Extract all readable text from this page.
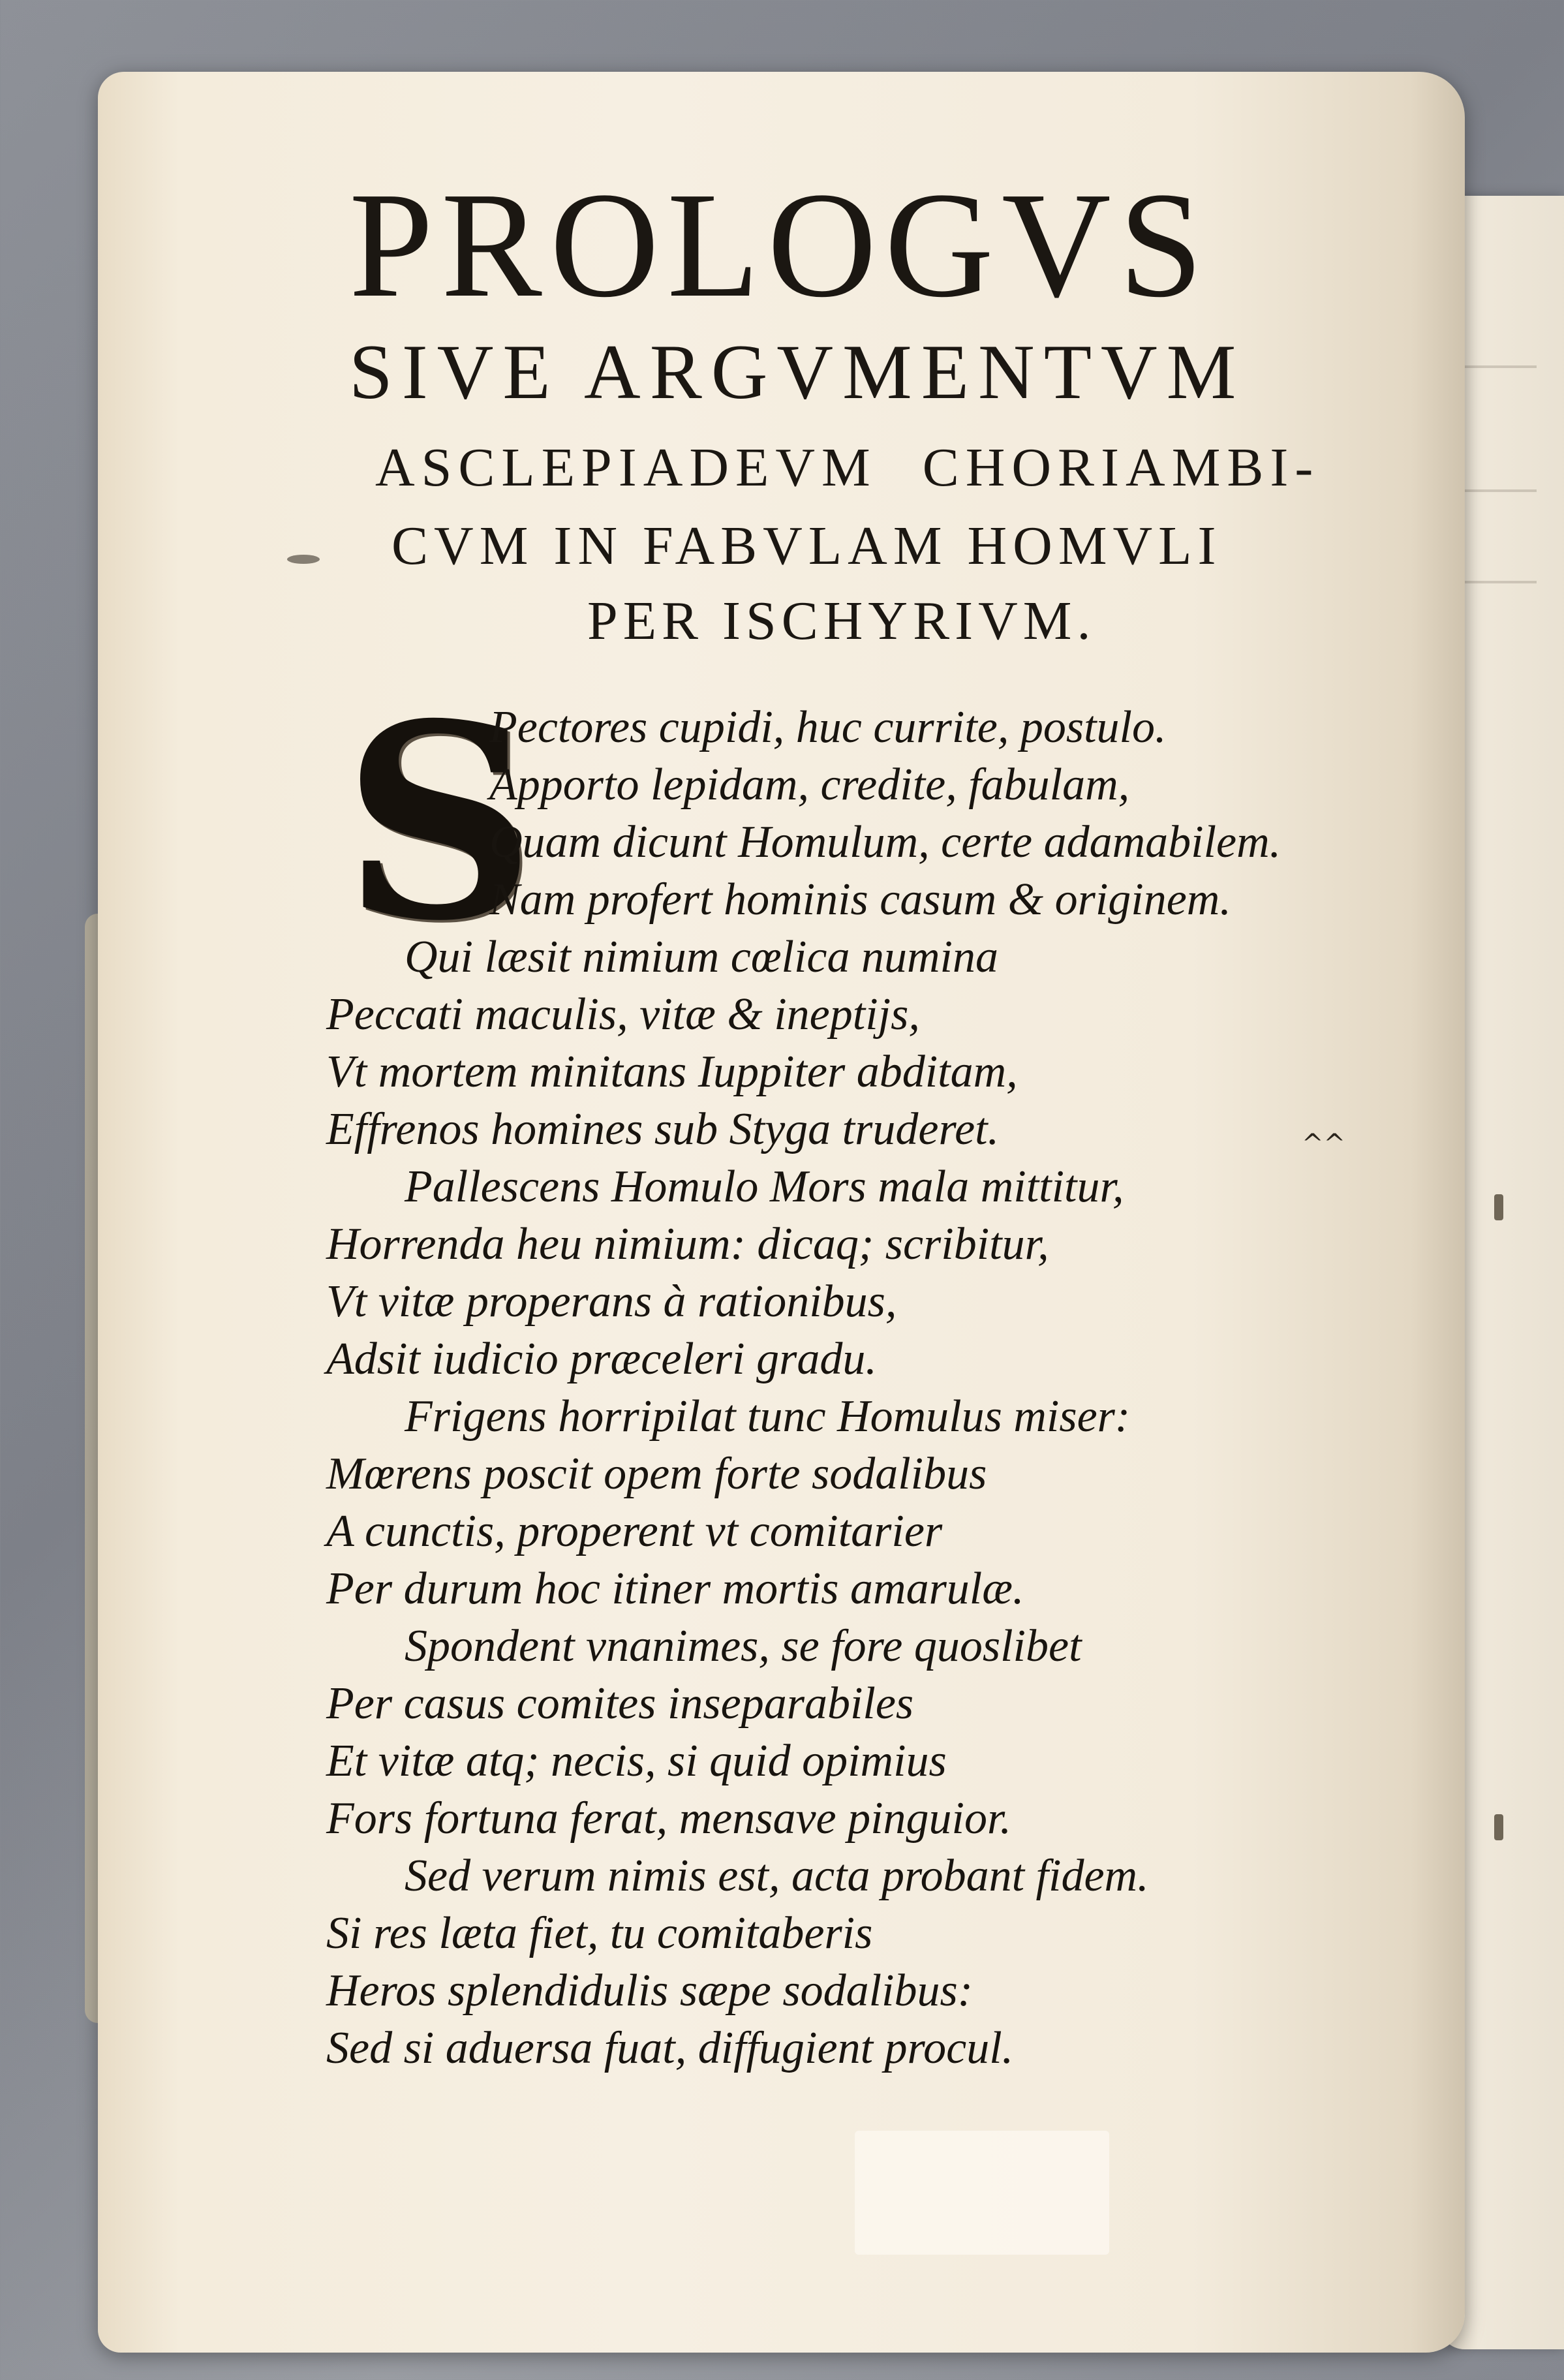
PROLOGVS
SIVE ARGVMENTVM
ASCLEPIADEVM CHORIAMBI-
CVM IN FABVLAM HOMVLI
PER ISCHYRIVM.
S
Pectores cupidi, huc currite, postulo.
Apporto lepidam, credite, fabulam,
Quam dicunt Homulum, certe adamabilem.
Nam profert hominis casum & originem.
Qui læsit nimium cœlica numina
Peccati maculis, vitæ & ineptijs,
Vt mortem minitans Iuppiter abditam,
Effrenos homines sub Styga truderet.
Pallescens Homulo Mors mala mittitur,
Horrenda heu nimium: dicaq; scribitur,
Vt vitæ properans à rationibus,
Adsit iudicio præceleri gradu.
Frigens horripilat tunc Homulus miser:
Mœrens poscit opem forte sodalibus
A cunctis, properent vt comitarier
Per durum hoc itiner mortis amarulæ.
Spondent vnanimes, se fore quoslibet
Per casus comites inseparabiles
Et vitæ atq; necis, si quid opimius
Fors fortuna ferat, mensave pinguior.
Sed verum nimis est, acta probant fidem.
Si res læta fiet, tu comitaberis
Heros splendidulis sæpe sodalibus:
Sed si aduersa fuat, diffugient procul.
^^
